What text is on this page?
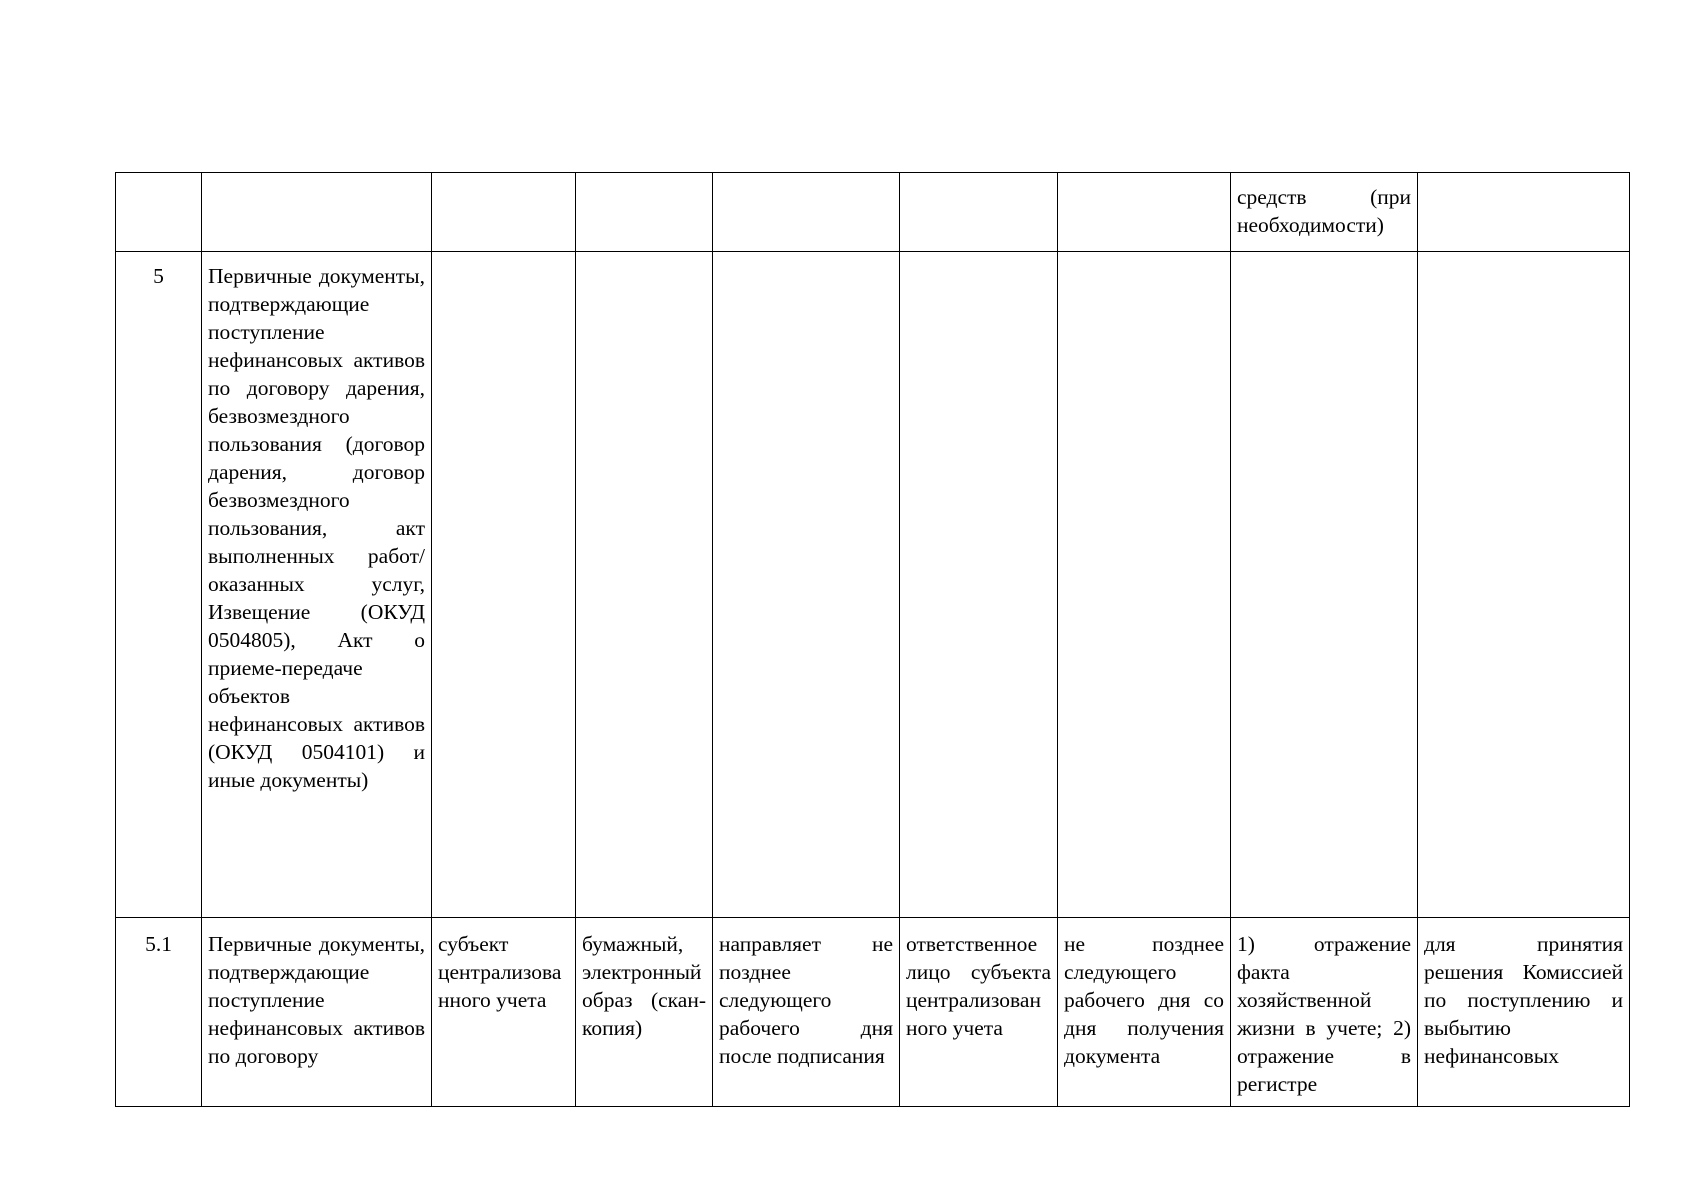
							средств (при необходимости)	
5	Первичные документы, подтверждающие поступление нефинансовых активов по договору дарения, безвозмездного пользования (договор дарения, договор безвозмездного пользования, акт выполненных работ/оказанных услуг, Извещение (ОКУД 0504805), Акт о приеме-передаче объектов нефинансовых активов (ОКУД 0504101) и иные документы)							
5.1	Первичные документы, подтверждающие поступление нефинансовых активов по договору	субъект централизованного учета	бумажный, электронный образ (скан-копия)	направляет не позднее следующего рабочего дня после подписания	ответственное лицо субъекта централизованного учета	не позднее следующего рабочего дня со дня получения документа	1) отражение факта хозяйственной жизни в учете; 2) отражение в регистре	для принятия решения Комиссией по поступлению и выбытию нефинансовых
